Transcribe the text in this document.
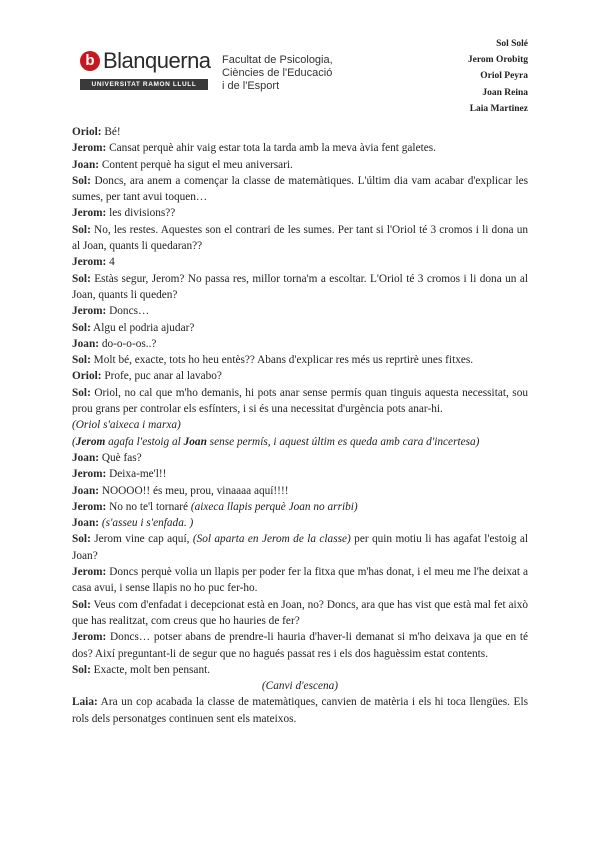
b Blanquerna
UNIVERSITAT RAMON LLULL
Facultat de Psicologia,
Ciències de l'Educació
i de l'Esport
Sol Solé
Jerom Orobitg
Oriol Peyra
Joan Reina
Laia Martinez
Oriol: Bé!
Jerom: Cansat perquè ahir vaig estar tota la tarda amb la meva àvia fent galetes.
Joan: Content perquè ha sigut el meu aniversari.
Sol: Doncs, ara anem a començar la classe de matemàtiques. L'últim dia vam acabar d'explicar les sumes, per tant avui toquen…
Jerom: les divisions??
Sol: No, les restes. Aquestes son el contrari de les sumes. Per tant si l'Oriol té 3 cromos i li dona un al Joan, quants li quedaran??
Jerom: 4
Sol: Estàs segur, Jerom? No passa res, millor torna'm a escoltar. L'Oriol té 3 cromos i li dona un al Joan, quants li queden?
Jerom: Doncs…
Sol: Algu el podria ajudar?
Joan: do-o-o-os..?
Sol: Molt bé, exacte, tots ho heu entès?? Abans d'explicar res més us reprtirè unes fitxes.
Oriol: Profe, puc anar al lavabo?
Sol: Oriol, no cal que m'ho demanis, hi pots anar sense permís quan tinguis aquesta necessitat, sou prou grans per controlar els esfínters, i si és una necessitat d'urgència pots anar-hi.
(Oriol s'aixeca i marxa)
(Jerom agafa l'estoig al Joan sense permís, i aquest últim es queda amb cara d'incertesa)
Joan: Què fas?
Jerom: Deixa-me'l!!
Joan: NOOOO!! és meu, prou, vinaaaa aquí!!!!
Jerom: No no te'l tornaré (aixeca llapis perquè Joan no arribi)
Joan: (s'asseu i s'enfada. )
Sol: Jerom vine cap aquí, (Sol aparta en Jerom de la classe) per quin motiu li has agafat l'estoig al Joan?
Jerom: Doncs perquè volia un llapis per poder fer la fitxa que m'has donat, i el meu me l'he deixat a casa avui, i sense llapis no ho puc fer-ho.
Sol: Veus com d'enfadat i decepcionat està en Joan, no? Doncs, ara que has vist que està mal fet això que has realitzat, com creus que ho hauries de fer?
Jerom: Doncs… potser abans de prendre-li hauria d'haver-li demanat si m'ho deixava ja que en té dos? Així preguntant-li de segur que no hagués passat res i els dos haguèssim estat contents.
Sol: Exacte, molt ben pensant.
(Canvi d'escena)
Laia: Ara un cop acabada la classe de matemàtiques, canvien de matèria i els hi toca llengües. Els rols dels personatges continuen sent els mateixos.
